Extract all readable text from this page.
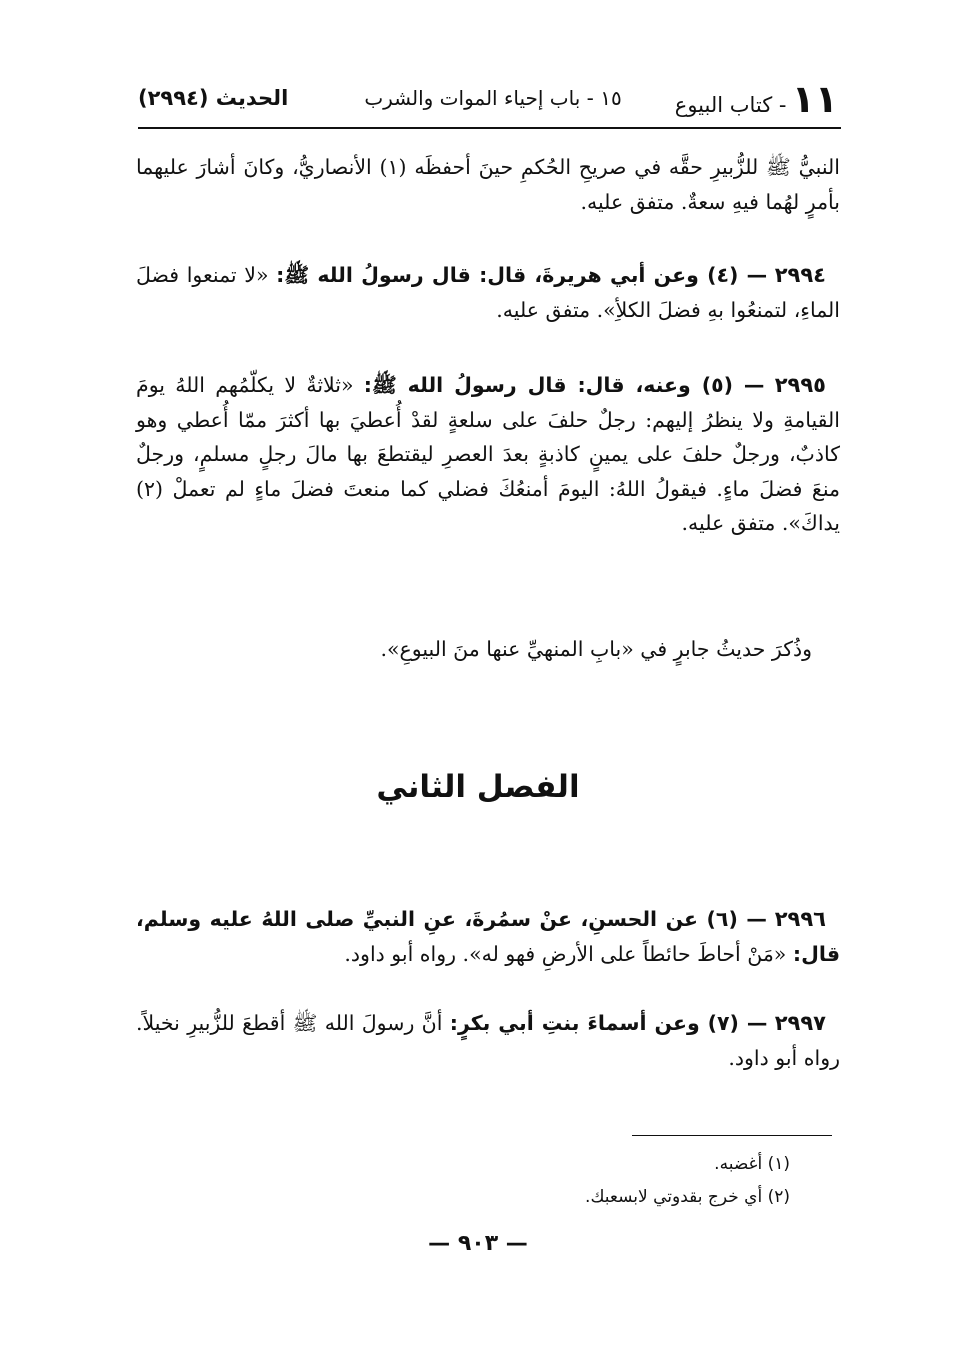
١١ - كتاب البيوع
١٥ - باب إحياء الموات والشرب
الحديث (٢٩٩٤)
النبيُّ ﷺ للزُّبيرِ حقَّه في صريحِ الحُكمِ حينَ أحفظَه (١) الأنصاريُّ، وكانَ أشارَ عليهما بأمرٍ لهُما فيهِ سعةٌ. متفق عليه.
٢٩٩٤ — (٤) وعن أبي هريرةَ، قال: قال رسولُ الله ﷺ: «لا تمنعوا فضلَ الماءِ، لتمنعُوا بهِ فضلَ الكلأِ». متفق عليه.
٢٩٩٥ — (٥) وعنه، قال: قال رسولُ الله ﷺ: «ثلاثةٌ لا يكلّمُهم اللهُ يومَ القيامةِ ولا ينظرُ إليهم: رجلٌ حلفَ على سلعةٍ لقدْ أُعطيَ بها أكثرَ ممّا أُعطي وهو كاذبٌ، ورجلٌ حلفَ على يمينٍ كاذبةٍ بعدَ العصرِ ليقتطعَ بها مالَ رجلٍ مسلمٍ، ورجلٌ منعَ فضلَ ماءٍ. فيقولُ اللهُ: اليومَ أمنعُكَ فضلي كما منعتَ فضلَ ماءٍ لم تعملْ (٢) يداكَ». متفق عليه.
وذُكرَ حديثُ جابرٍ في «بابِ المنهيِّ عنها منَ البيوعِ».
الفصل الثاني
٢٩٩٦ — (٦) عن الحسنِ، عنْ سمُرةَ، عنِ النبيِّ صلى اللهُ عليه وسلم، قال: «مَنْ أحاطَ حائطاً على الأرضِ فهو له». رواه أبو داود.
٢٩٩٧ — (٧) وعن أسماءَ بنتِ أبي بكرٍ: أنَّ رسولَ الله ﷺ أقطعَ للزُّبيرِ نخيلاً. رواه أبو داود.
(١) أغضبه.
(٢) أي خرج بقدوتي لابسعبك.
— ٩٠٣ —
